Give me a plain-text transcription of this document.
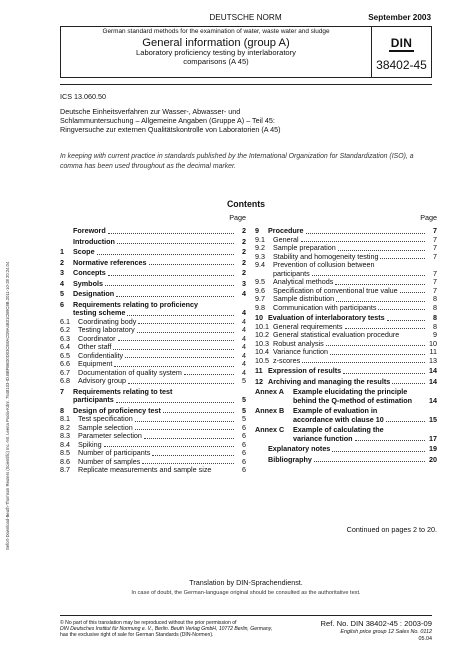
Sefort-Download-Beuth-Thomson Reuters (Scientific) Inc.-Mr. Leena Poola-Kdnr. 7548103-ID.BBFB6D0D03CE8ACD9A4B31CB9C8B.2011-10-28 20:24:04
DEUTSCHE NORM	September 2003
German standard methods for the examination of water, waste water and sludge
General information (group A)
Laboratory proficiency testing by interlaboratory
comparisons (A 45)
DIN
38402-45
ICS 13.060.50
Deutsche Einheitsverfahren zur Wasser-, Abwasser- und
Schlammuntersuchung – Allgemeine Angaben (Gruppe A) – Teil 45:
Ringversuche zur externen Qualitätskontrolle von Laboratorien (A 45)
In keeping with current practice in standards published by the International Organization for Standardization (ISO), a comma has been used throughout as the decimal marker.
Contents
Page
Foreword	2
Introduction	2
1	Scope	2
2	Normative references	2
3	Concepts	2
4	Symbols	3
5	Designation	4
6	Requirements relating to proficiency
testing scheme	4
6.1	Coordinating body	4
6.2	Testing laboratory	4
6.3	Coordinator	4
6.4	Other staff	4
6.5	Confidentiality	4
6.6	Equipment	4
6.7	Documentation of quality system	4
6.8	Advisory group	5
7	Requirements relating to test
participants	5
8	Design of proficiency test	5
8.1	Test specification	5
8.2	Sample selection	6
8.3	Parameter selection	6
8.4	Spiking	6
8.5	Number of participants	6
8.6	Number of samples	6
8.7	Replicate measurements and sample size	6
Page
9	Procedure	7
9.1	General	7
9.2	Sample preparation	7
9.3	Stability and homogeneity testing	7
9.4	Prevention of collusion between
participants	7
9.5	Analytical methods	7
9.6	Specification of conventional true value	7
9.7	Sample distribution	8
9.8	Communication with participants	8
10 Evaluation of interlaboratory tests	8
10.1 General requirements	8
10.2 General statistical evaluation procedure	9
10.3 Robust analysis	10
10.4 Variance function	11
10.5 z-scores	13
11 Expression of results	14
12 Archiving and managing the results	14
Annex A	Example elucidating the principle
behind the Q-method of estimation 14
Annex B	Example of evaluation in
accordance with clause 10	15
Annex C	Example of calculating the
variance function	17
Explanatory notes	19
Bibliography	20
Continued on pages 2 to 20.
Translation by DIN-Sprachendienst.
In case of doubt, the German-language original should be consulted as the authoritative text.
© No part of this translation may be reproduced without the prior permission of
DIN Deutsches Institut für Normung e. V., Berlin. Beuth Verlag GmbH, 10772 Berlin, Germany,
has the exclusive right of sale for German Standards (DIN-Normen).
Ref. No. DIN 38402-45 : 2003-09
English price group 12 Sales No. 0112
05.04
